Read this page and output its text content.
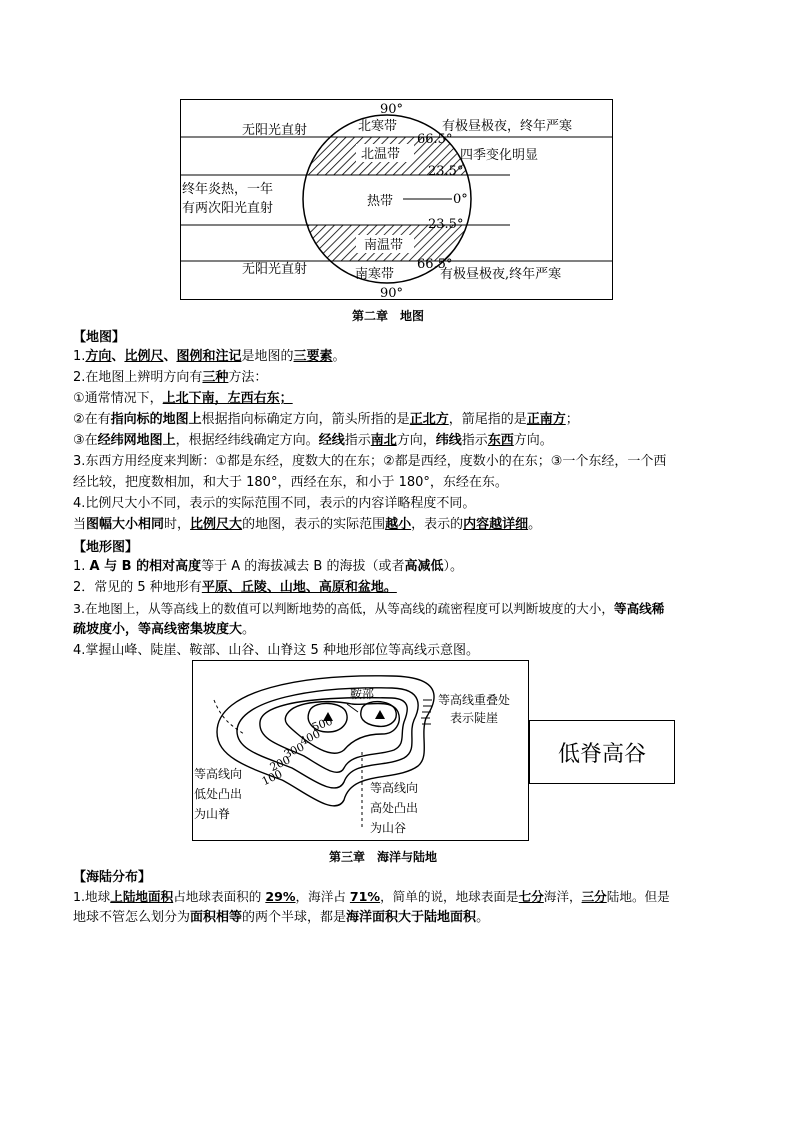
90°
北寒带
66.5°
北温带
23.5°
热带	0°
23.5°
南温带
66.5°
南寒带
90°
无阳光直射
终年炎热，一年
有两次阳光直射
无阳光直射
有极昼极夜，终年严寒
四季变化明显
有极昼极夜,终年严寒
第二章　地图
【地图】
1.方向、比例尺、图例和注记是地图的三要素。
2.在地图上辨明方向有三种方法：
①通常情况下，上北下南，左西右东；
②在有指向标的地图上根据指向标确定方向，箭头所指的是正北方，箭尾指的是正南方；
③在经纬网地图上，根据经纬线确定方向。经线指示南北方向，纬线指示东西方向。
3.东西方用经度来判断：①都是东经，度数大的在东；②都是西经，度数小的在东；③一个东经，一个西
经比较，把度数相加，和大于 180°，西经在东，和小于 180°，东经在东。
4.比例尺大小不同，表示的实际范围不同，表示的内容详略程度不同。
当图幅大小相同时，比例尺大的地图，表示的实际范围越小，表示的内容越详细。
【地形图】
1. A 与 B 的相对高度等于 A 的海拔减去 B 的海拔（或者高减低）。
2．常见的 5 种地形有平原、丘陵、山地、高原和盆地。
3.在地图上，从等高线上的数值可以判断地势的高低，从等高线的疏密程度可以判断坡度的大小，等高线稀
疏坡度小，等高线密集坡度大。
4.掌握山峰、陡崖、鞍部、山谷、山脊这 5 种地形部位等高线示意图。
鞍部	等高线重叠处
表示陡崖
500
400
300
200
100
等高线向
低处凸出
为山脊
等高线向
高处凸出
为山谷
低脊高谷
第三章　海洋与陆地
【海陆分布】
1.地球上陆地面积占地球表面积的 29%，海洋占 71%，简单的说，地球表面是七分海洋，三分陆地。但是
地球不管怎么划分为面积相等的两个半球，都是海洋面积大于陆地面积。
